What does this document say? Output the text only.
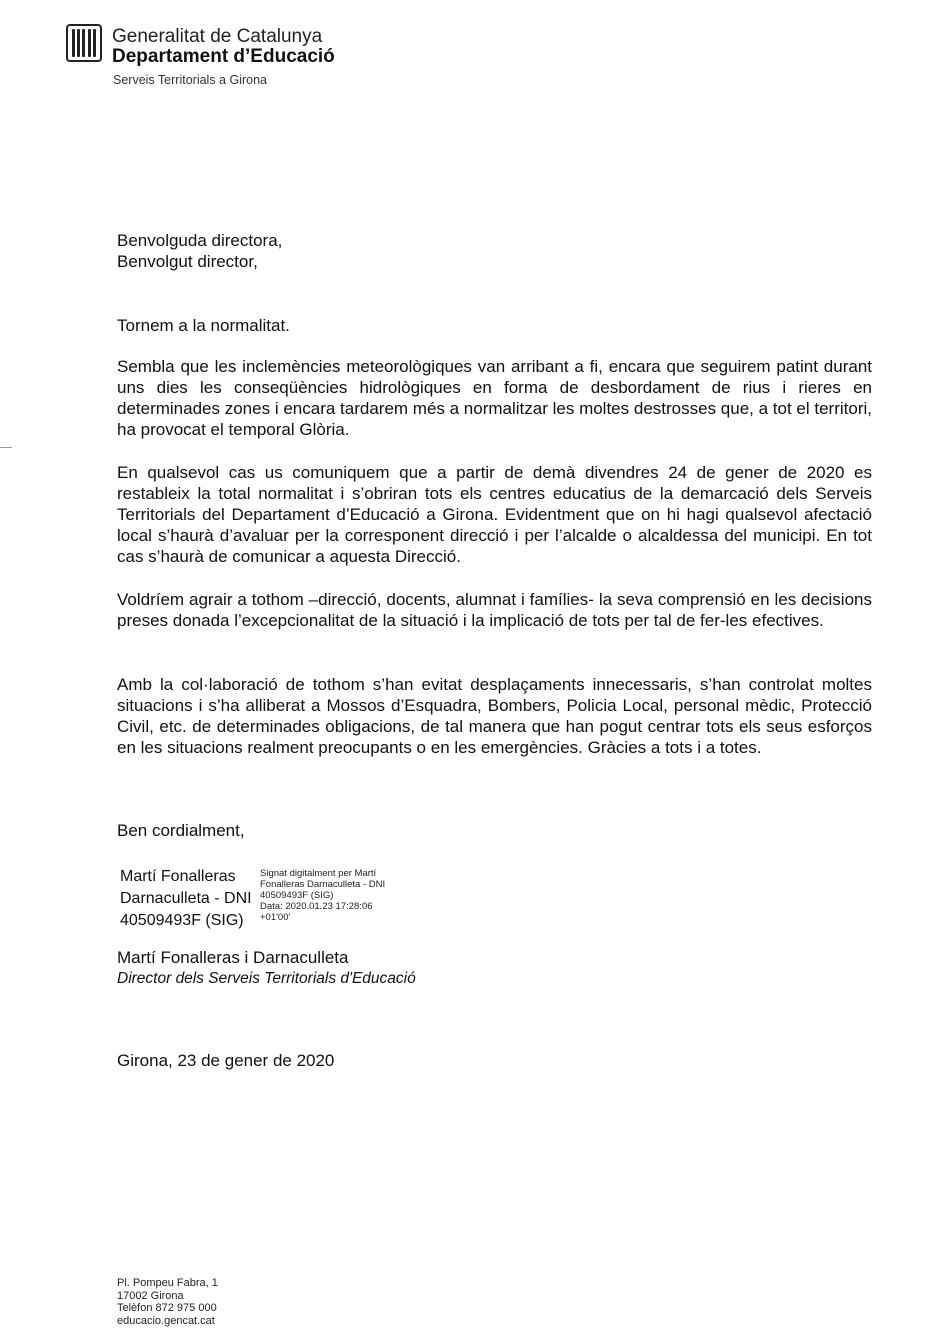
Generalitat de Catalunya
Departament d’Educació
Serveis Territorials a Girona
Benvolguda directora,
Benvolgut director,
Tornem a la normalitat.
Sembla que les inclemències meteorològiques van arribant a fi, encara que seguirem patint durant uns dies les conseqüències hidrològiques en forma de desbordament de rius i rieres en determinades zones i encara tardarem més a normalitzar les moltes destrosses que, a tot el territori, ha provocat el temporal Glòria.
En qualsevol cas us comuniquem que a partir de demà divendres 24 de gener de 2020 es restableix la total normalitat i s’obriran tots els centres educatius de la demarcació dels Serveis Territorials del Departament d’Educació a Girona. Evidentment que on hi hagi qualsevol afectació local s’haurà d’avaluar per la corresponent direcció i per l’alcalde o alcaldessa del municipi. En tot cas s’haurà de comunicar a aquesta Direcció.
Voldríem agrair a tothom –direcció, docents, alumnat i famílies- la seva comprensió en les decisions preses donada l’excepcionalitat de la situació i la implicació de tots per tal de fer-les efectives.
Amb la col·laboració de tothom s’han evitat desplaçaments innecessaris, s’han controlat moltes situacions i s’ha alliberat a Mossos d’Esquadra, Bombers, Policia Local, personal mèdic, Protecció Civil, etc. de determinades obligacions, de tal manera que han pogut centrar tots els seus esforços en les situacions realment preocupants o en les emergències. Gràcies a tots i a totes.
Ben cordialment,
Martí Fonalleras
Darnaculleta - DNI
40509493F (SIG)
Signat digitalment per Martí
Fonalleras Darnaculleta - DNI
40509493F (SIG)
Data: 2020.01.23 17:28:06
+01'00'
Martí Fonalleras i Darnaculleta
Director dels Serveis Territorials d'Educació
Girona, 23 de gener de 2020
Pl. Pompeu Fabra, 1
17002 Girona
Telèfon 872 975 000
educacio.gencat.cat
